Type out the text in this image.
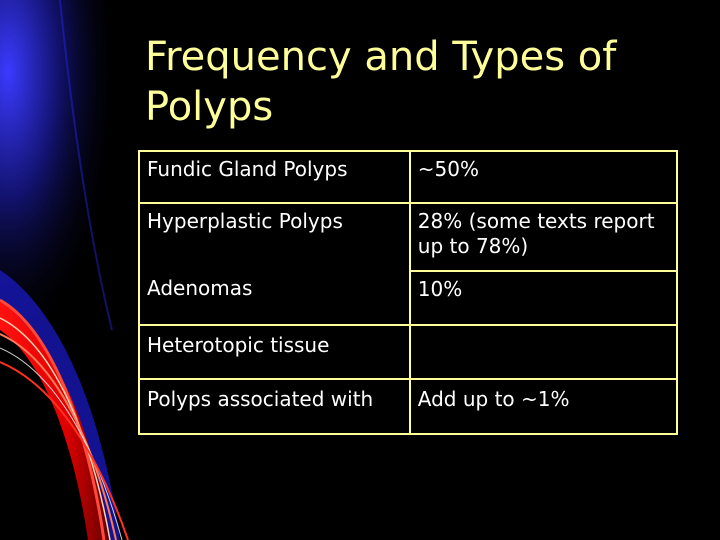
Frequency and Types of Polyps
Fundic Gland Polyps	~50%
Hyperplastic Polyps	28% (some texts report up to 78%)
Adenomas	10%
Heterotopic tissue	
Polyps associated with	Add up to ~1%
